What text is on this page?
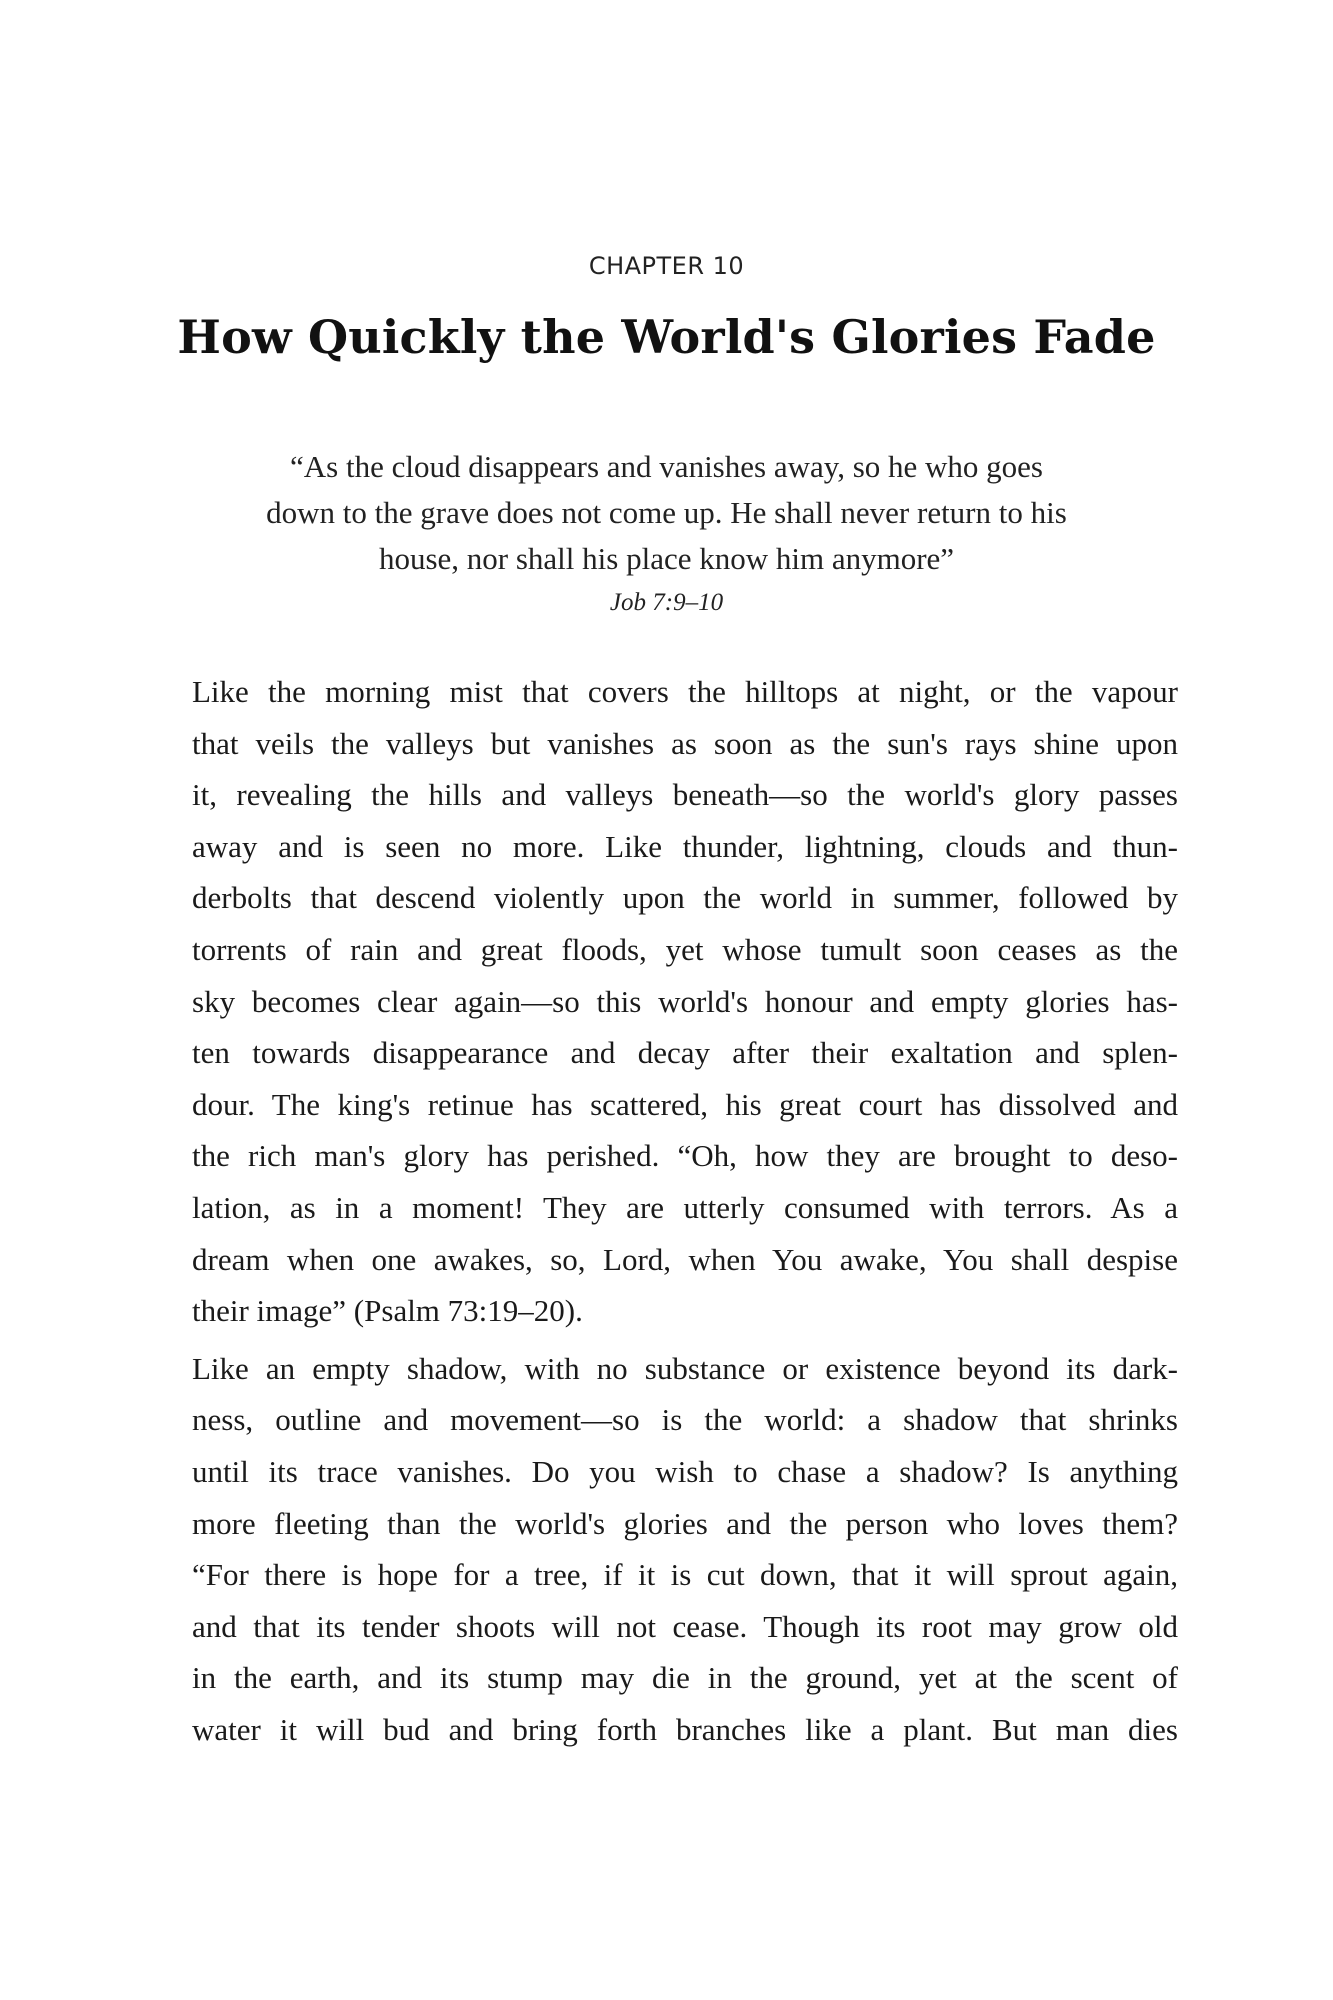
CHAPTER 10
How Quickly the World's Glories Fade
“As the cloud disappears and vanishes away, so he who goes
down to the grave does not come up. He shall never return to his
house, nor shall his place know him anymore”
Job 7:9–10
Like the morning mist that covers the hilltops at night, or the vapour
that veils the valleys but vanishes as soon as the sun's rays shine upon
it, revealing the hills and valleys beneath—so the world's glory passes
away and is seen no more. Like thunder, lightning, clouds and thun-
derbolts that descend violently upon the world in summer, followed by
torrents of rain and great floods, yet whose tumult soon ceases as the
sky becomes clear again—so this world's honour and empty glories has-
ten towards disappearance and decay after their exaltation and splen-
dour. The king's retinue has scattered, his great court has dissolved and
the rich man's glory has perished. “Oh, how they are brought to deso-
lation, as in a moment! They are utterly consumed with terrors. As a
dream when one awakes, so, Lord, when You awake, You shall despise
their image” (Psalm 73:19–20).
Like an empty shadow, with no substance or existence beyond its dark-
ness, outline and movement—so is the world: a shadow that shrinks
until its trace vanishes. Do you wish to chase a shadow? Is anything
more fleeting than the world's glories and the person who loves them?
“For there is hope for a tree, if it is cut down, that it will sprout again,
and that its tender shoots will not cease. Though its root may grow old
in the earth, and its stump may die in the ground, yet at the scent of
water it will bud and bring forth branches like a plant. But man dies
